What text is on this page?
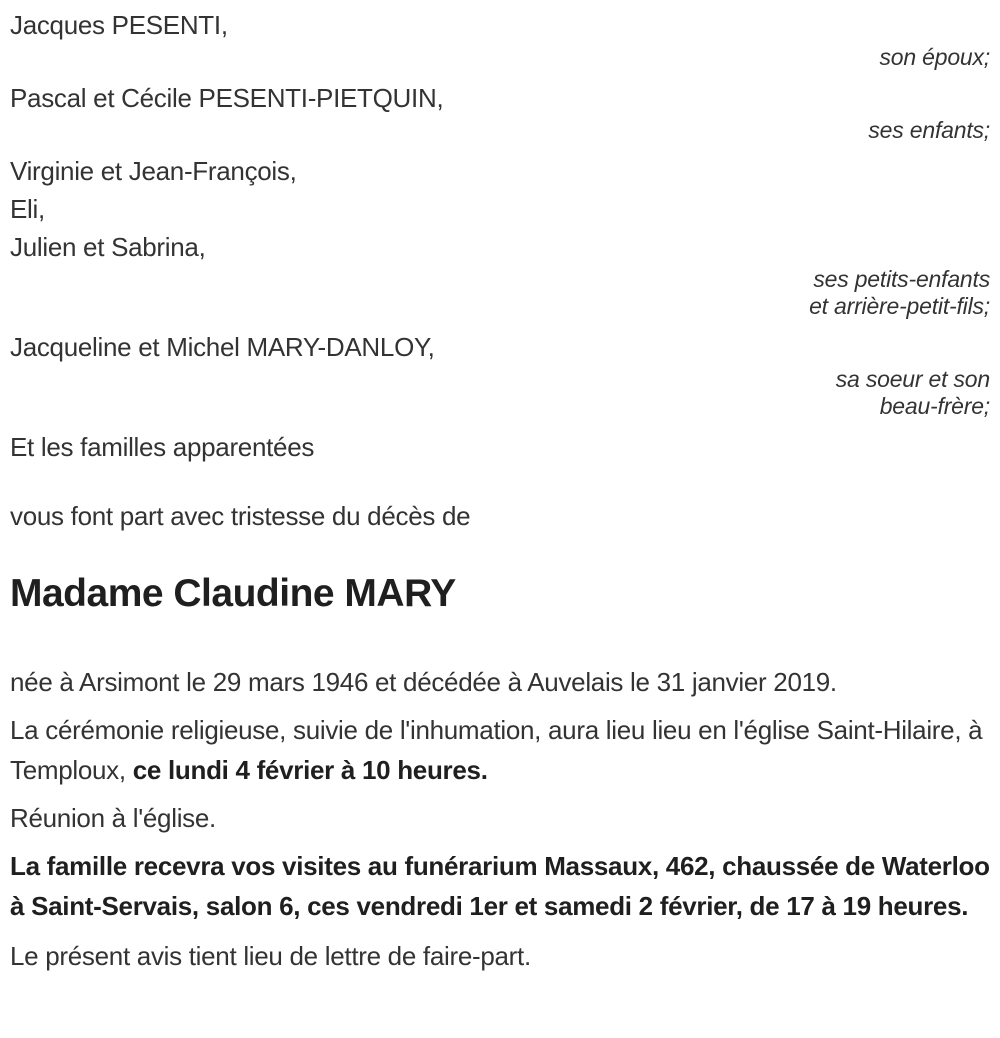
Jacques PESENTI,
son époux;
Pascal et Cécile PESENTI-PIETQUIN,
ses enfants;
Virginie et Jean-François,
Eli,
Julien et Sabrina,
ses petits-enfants
et arrière-petit-fils;
Jacqueline et Michel MARY-DANLOY,
sa soeur et son
beau-frère;
Et les familles apparentées

vous font part avec tristesse du décès de

Madame Claudine MARY

née à Arsimont le 29 mars 1946 et décédée à Auvelais le 31 janvier 2019.

La cérémonie religieuse, suivie de l'inhumation, aura lieu lieu en l'église Saint-Hilaire, à Temploux, ce lundi 4 février à 10 heures.

Réunion à l'église.

La famille recevra vos visites au funérarium Massaux, 462, chaussée de Waterloo à Saint-Servais, salon 6, ces vendredi 1er et samedi 2 février, de 17 à 19 heures.

Le présent avis tient lieu de lettre de faire-part.
